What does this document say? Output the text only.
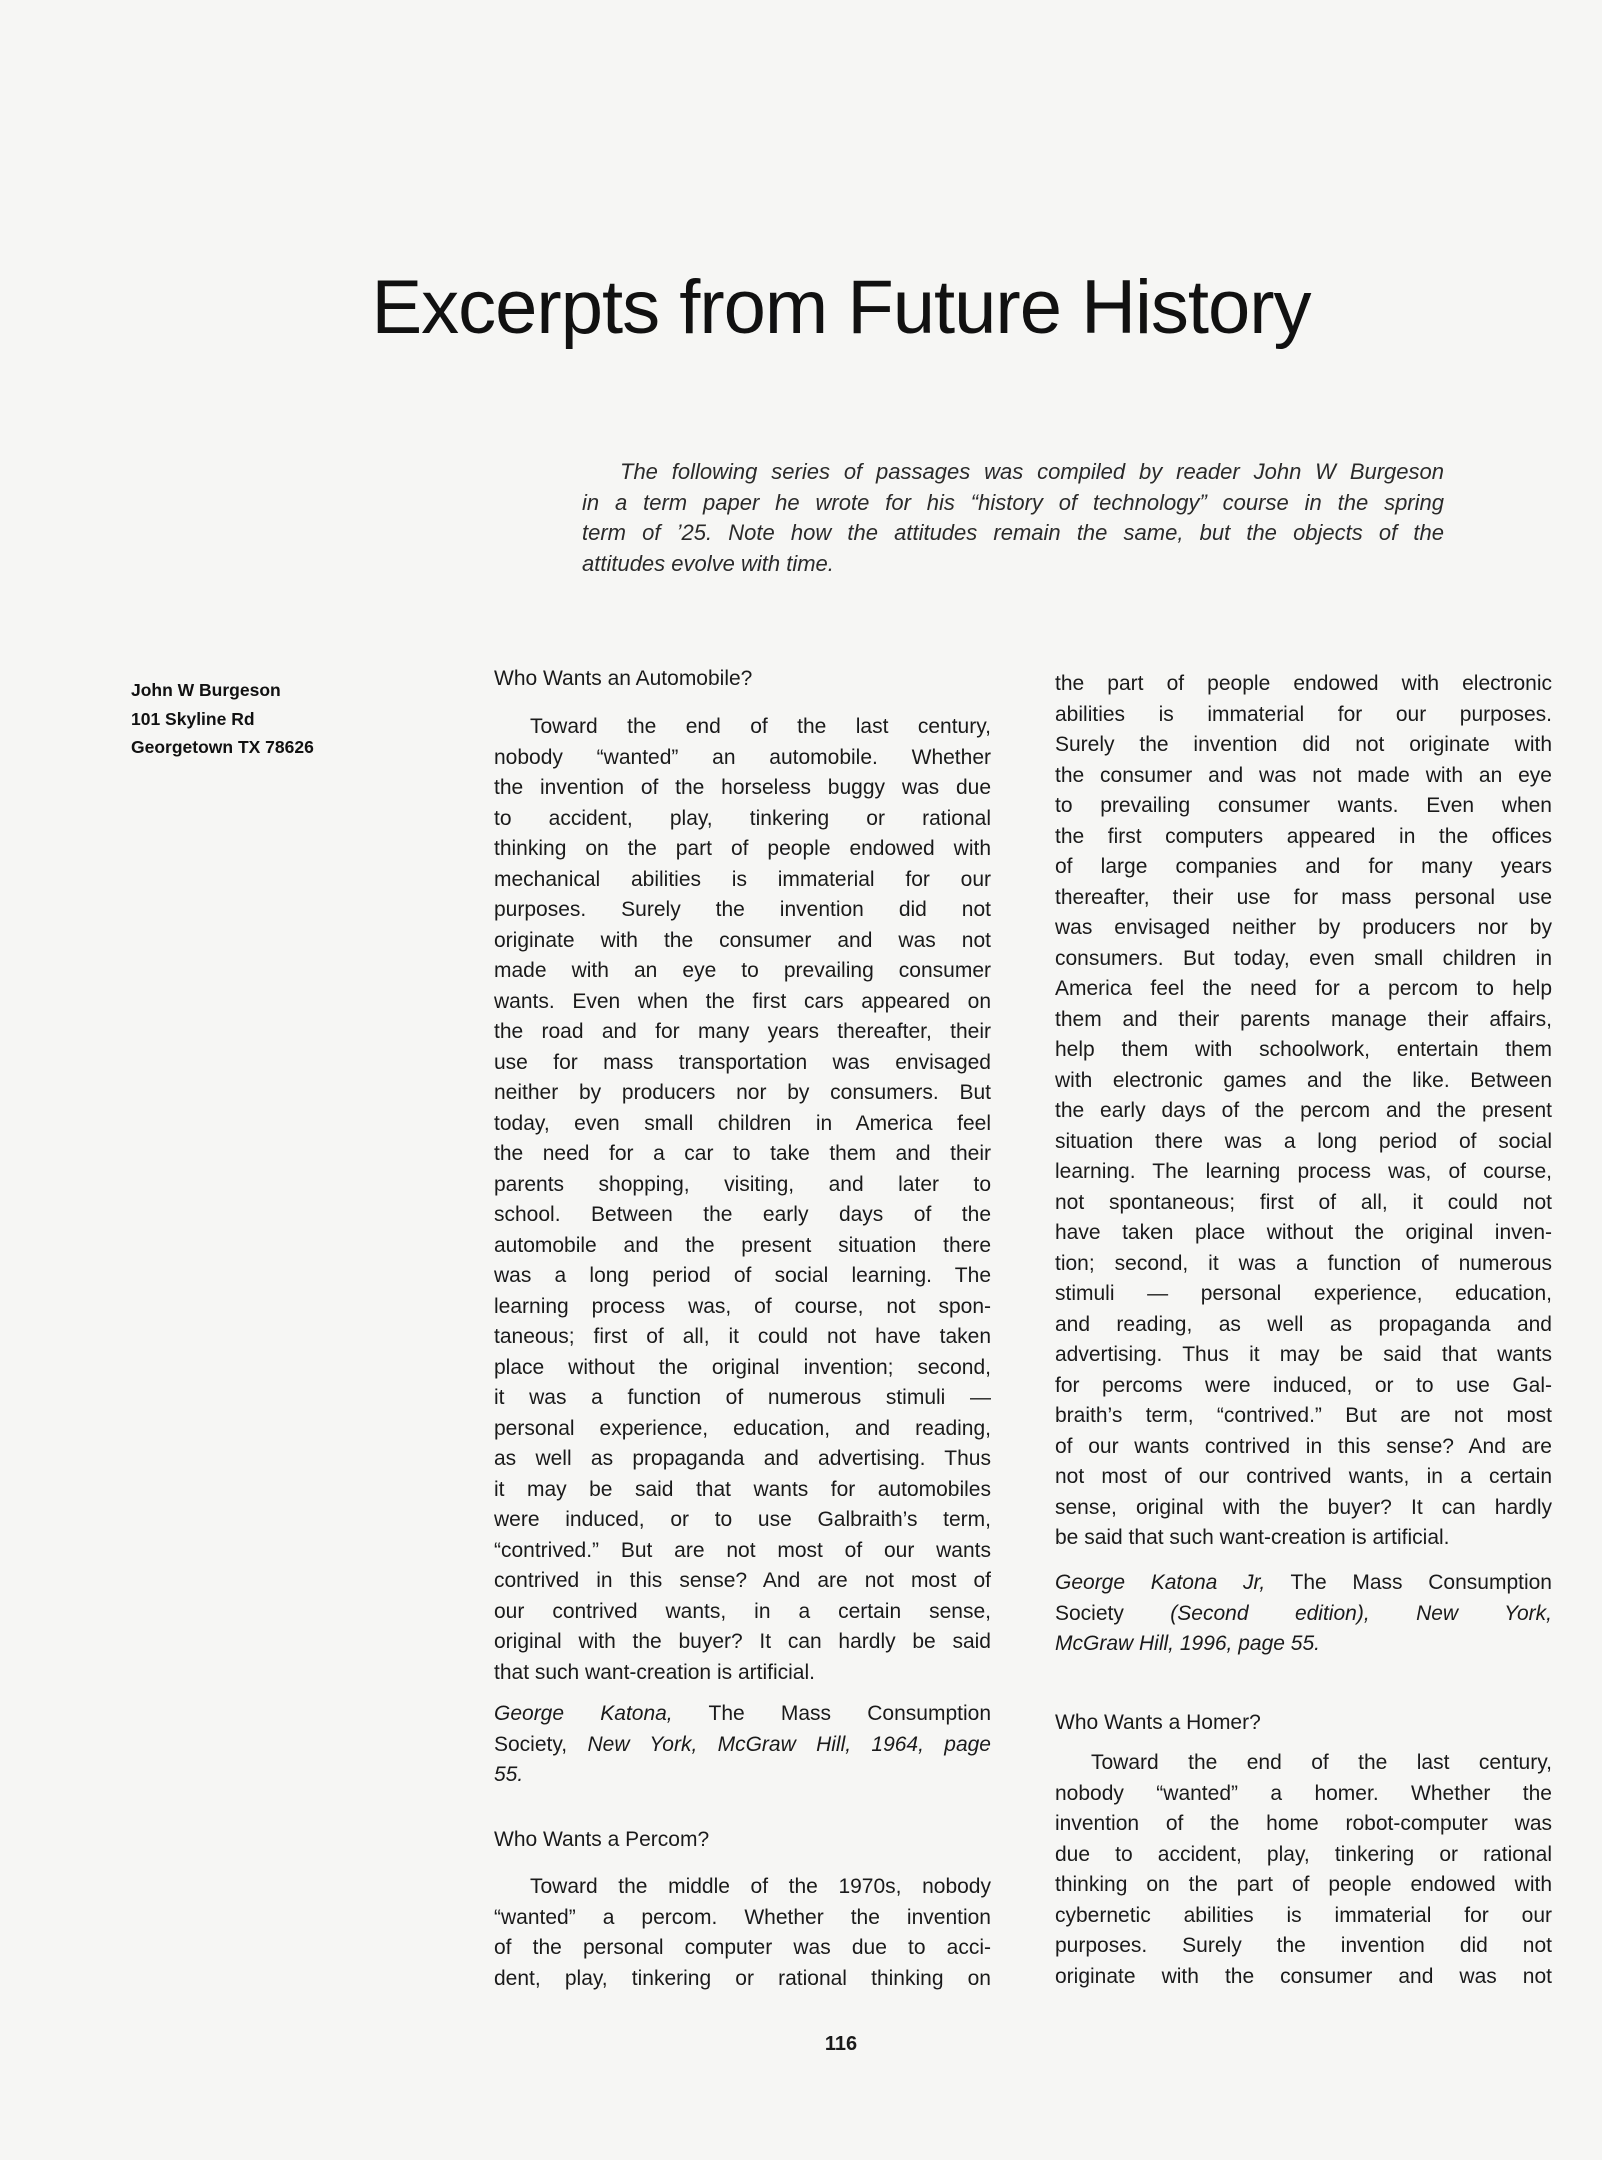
Excerpts from Future History
The following series of passages was compiled by reader John W Burgeson
in a term paper he wrote for his “history of technology” course in the spring
term of ’25. Note how the attitudes remain the same, but the objects of the
attitudes evolve with time.
John W Burgeson
101 Skyline Rd
Georgetown TX 78626
Who Wants an Automobile?
Toward the end of the last century,
nobody “wanted” an automobile. Whether
the invention of the horseless buggy was due
to accident, play, tinkering or rational
thinking on the part of people endowed with
mechanical abilities is immaterial for our
purposes. Surely the invention did not
originate with the consumer and was not
made with an eye to prevailing consumer
wants. Even when the first cars appeared on
the road and for many years thereafter, their
use for mass transportation was envisaged
neither by producers nor by consumers. But
today, even small children in America feel
the need for a car to take them and their
parents shopping, visiting, and later to
school. Between the early days of the
automobile and the present situation there
was a long period of social learning. The
learning process was, of course, not spon-
taneous; first of all, it could not have taken
place without the original invention; second,
it was a function of numerous stimuli —
personal experience, education, and reading,
as well as propaganda and advertising. Thus
it may be said that wants for automobiles
were induced, or to use Galbraith’s term,
“contrived.” But are not most of our wants
contrived in this sense? And are not most of
our contrived wants, in a certain sense,
original with the buyer? It can hardly be said
that such want-creation is artificial.
George Katona, The Mass Consumption
Society, New York, McGraw Hill, 1964, page
55.
Who Wants a Percom?
Toward the middle of the 1970s, nobody
“wanted” a percom. Whether the invention
of the personal computer was due to acci-
dent, play, tinkering or rational thinking on
the part of people endowed with electronic
abilities is immaterial for our purposes.
Surely the invention did not originate with
the consumer and was not made with an eye
to prevailing consumer wants. Even when
the first computers appeared in the offices
of large companies and for many years
thereafter, their use for mass personal use
was envisaged neither by producers nor by
consumers. But today, even small children in
America feel the need for a percom to help
them and their parents manage their affairs,
help them with schoolwork, entertain them
with electronic games and the like. Between
the early days of the percom and the present
situation there was a long period of social
learning. The learning process was, of course,
not spontaneous; first of all, it could not
have taken place without the original inven-
tion; second, it was a function of numerous
stimuli — personal experience, education,
and reading, as well as propaganda and
advertising. Thus it may be said that wants
for percoms were induced, or to use Gal-
braith’s term, “contrived.” But are not most
of our wants contrived in this sense? And are
not most of our contrived wants, in a certain
sense, original with the buyer? It can hardly
be said that such want-creation is artificial.
George Katona Jr, The Mass Consumption
Society (Second edition), New York,
McGraw Hill, 1996, page 55.
Who Wants a Homer?
Toward the end of the last century,
nobody “wanted” a homer. Whether the
invention of the home robot-computer was
due to accident, play, tinkering or rational
thinking on the part of people endowed with
cybernetic abilities is immaterial for our
purposes. Surely the invention did not
originate with the consumer and was not
116
